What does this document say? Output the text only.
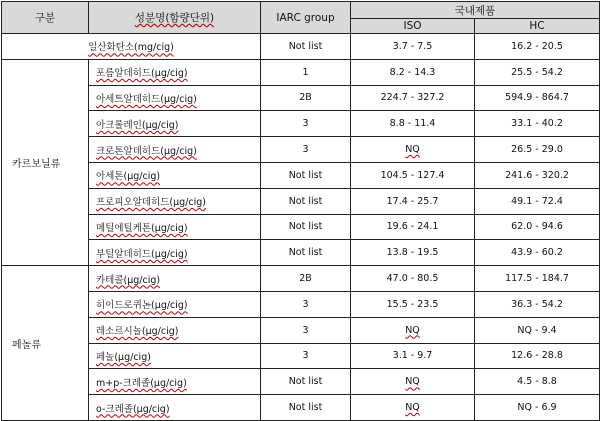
구분	성분명(함량단위)	IARC group	국내제품	
			ISO	HC
일산화탄소(mg/cig)		Not list	3.7 - 7.5	16.2 - 20.5
카르보닐류	포름알데히드(μg/cig)	1	8.2 - 14.3	25.5 - 54.2
	아세트알데히드(μg/cig)	2B	224.7 - 327.2	594.9 - 864.7
	아크롤레인(μg/cig)	3	8.8 - 11.4	33.1 - 40.2
	크로톤알데히드(μg/cig)	3	NQ	26.5 - 29.0
	아세톤(μg/cig)	Not list	104.5 - 127.4	241.6 - 320.2
	프로피오알데히드(μg/cig)	Not list	17.4 - 25.7	49.1 - 72.4
	메틸에틸케톤(μg/cig)	Not list	19.6 - 24.1	62.0 - 94.6
	부틸알데히드(μg/cig)	Not list	13.8 - 19.5	43.9 - 60.2
페놀류	카테콜(μg/cig)	2B	47.0 - 80.5	117.5 - 184.7
	히이드로퀴논(μg/cig)	3	15.5 - 23.5	36.3 - 54.2
	레소르시놀(μg/cig)	3	NQ	NQ - 9.4
	페놀(μg/cig)	3	3.1 - 9.7	12.6 - 28.8
	m+p-크레졸(μg/cig)	Not list	NQ	4.5 - 8.8
	o-크레졸(μg/cig)	Not list	NQ	NQ - 6.9
